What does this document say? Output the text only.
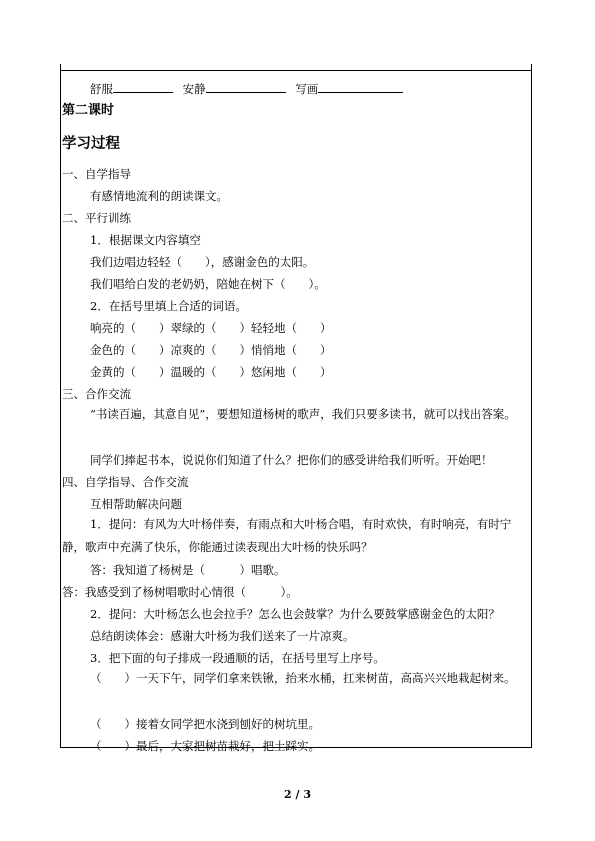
舒服	安静	写画
第二课时
学习过程
一、自学指导
有感情地流利的朗读课文。
二、平行训练
1．根据课文内容填空
我们边唱边轻轻（　　），感谢金色的太阳。
我们唱给白发的老奶奶，陪她在树下（　　）。
2．在括号里填上合适的词语。
响亮的（　　）翠绿的（　　）轻轻地（　　）
金色的（　　）凉爽的（　　）悄悄地（　　）
金黄的（　　）温暖的（　　）悠闲地（　　）
三、合作交流
“书读百遍，其意自见”，要想知道杨树的歌声，我们只要多读书，就可以找出答案。
同学们捧起书本，说说你们知道了什么？把你们的感受讲给我们听听。开始吧！
四、自学指导、合作交流
互相帮助解决问题
1．提问：有风为大叶杨伴奏，有雨点和大叶杨合唱，有时欢快，有时响亮，有时宁静，歌声中充满了快乐，你能通过读表现出大叶杨的快乐吗？
答：我知道了杨树是（　　　）唱歌。
答：我感受到了杨树唱歌时心情很（　　　）。
2．提问：大叶杨怎么也会拉手？怎么也会鼓掌？为什么要鼓掌感谢金色的太阳？
总结朗读体会：感谢大叶杨为我们送来了一片凉爽。
3．把下面的句子排成一段通顺的话，在括号里写上序号。
（　　）一天下午，同学们拿来铁锹，抬来水桶，扛来树苗，高高兴兴地栽起树来。
（　　）接着女同学把水浇到刨好的树坑里。
（　　）最后，大家把树苗栽好，把土踩实。
2 / 3
